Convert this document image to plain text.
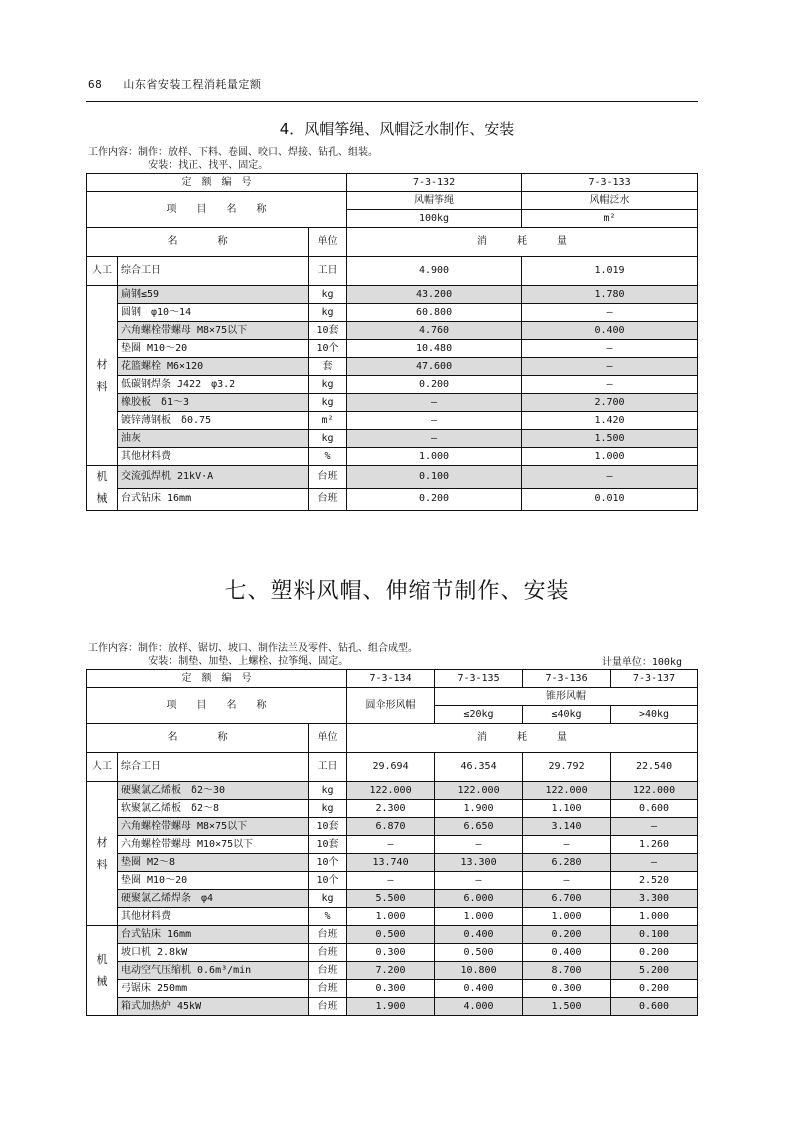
68 山东省安装工程消耗量定额
4．风帽筝绳、风帽泛水制作、安装
工作内容：制作：放样、下料、卷圆、咬口、焊接、钻孔、组装。
安装：找正、找平、固定。
定　额　编　号			7-3-132	7-3-133
项　　目　　名　　称			风帽筝绳	风帽泛水
			100kg	m²
名　　　　称		单位	消　　　耗　　　量	
人工	综合工日	工日	4.900	1.019

材
料	扁钢≤59	kg	43.200	1.780
	圆钢　φ10～14	kg	60.800	—
	六角螺栓带螺母 M8×75以下	10套	4.760	0.400
	垫圈 M10～20	10个	10.480	—
	花篮螺栓 M6×120	套	47.600	—
	低碳钢焊条 J422　φ3.2	kg	0.200	—
	橡胶板　δ1～3	kg	—	2.700
	镀锌薄钢板　δ0.75	m²	—	1.420
	油灰	kg	—	1.500
	其他材料费	%	1.000	1.000

机
械	交流弧焊机 21kV·A	台班	0.100	—
	台式钻床 16mm	台班	0.200	0.010
七、塑料风帽、伸缩节制作、安装
工作内容：制作：放样、锯切、坡口、制作法兰及零件、钻孔、组合成型。
安装：制垫、加垫、上螺栓、拉筝绳、固定。	计量单位：100kg
定　额　编　号			7-3-134	7-3-135	7-3-136	7-3-137
项　　目　　名　　称			圆伞形风帽	锥形风帽		
				≤20kg	≤40kg	>40kg
名　　　　称		单位	消　　　耗　　　量			
人工	综合工日	工日	29.694	46.354	29.792	22.540

材
料	硬聚氯乙烯板　δ2～30	kg	122.000	122.000	122.000	122.000
	软聚氯乙烯板　δ2～8	kg	2.300	1.900	1.100	0.600
	六角螺栓带螺母 M8×75以下	10套	6.870	6.650	3.140	—
	六角螺栓带螺母 M10×75以下	10套	—	—	—	1.260
	垫圈 M2～8	10个	13.740	13.300	6.280	—
	垫圈 M10～20	10个	—	—	—	2.520
	硬聚氯乙烯焊条　φ4	kg	5.500	6.000	6.700	3.300
	其他材料费	%	1.000	1.000	1.000	1.000

机
械	台式钻床 16mm	台班	0.500	0.400	0.200	0.100
	坡口机 2.8kW	台班	0.300	0.500	0.400	0.200
	电动空气压缩机 0.6m³/min	台班	7.200	10.800	8.700	5.200
	弓锯床 250mm	台班	0.300	0.400	0.300	0.200
	箱式加热炉 45kW	台班	1.900	4.000	1.500	0.600
